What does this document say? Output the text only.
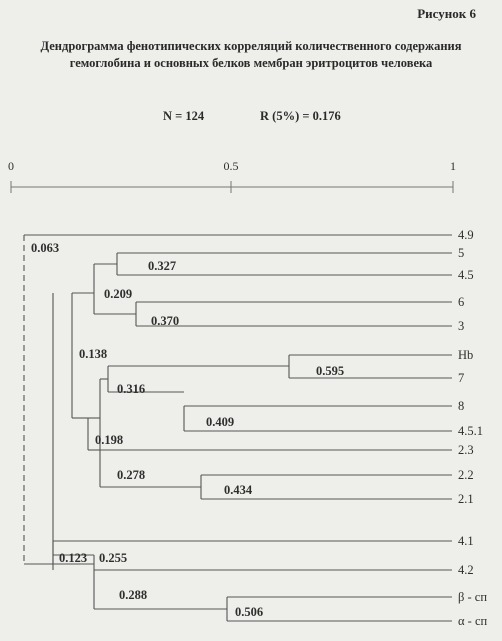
Рисунок 6
Дендрограмма фенотипических корреляций количественного содержания гемоглобина и основных белков мембран эритроцитов человека
N = 124	R (5%) = 0.176
0	0.5	1
4.9
5
4.5
6
3
Hb
7
8
4.5.1
2.3
2.2
2.1
4.1
4.2
β - сп
α - сп
0.063
0.327
0.209
0.370
0.138
0.595
0.316
0.409
0.198
0.278
0.434
0.123 0.255
0.288
0.506
